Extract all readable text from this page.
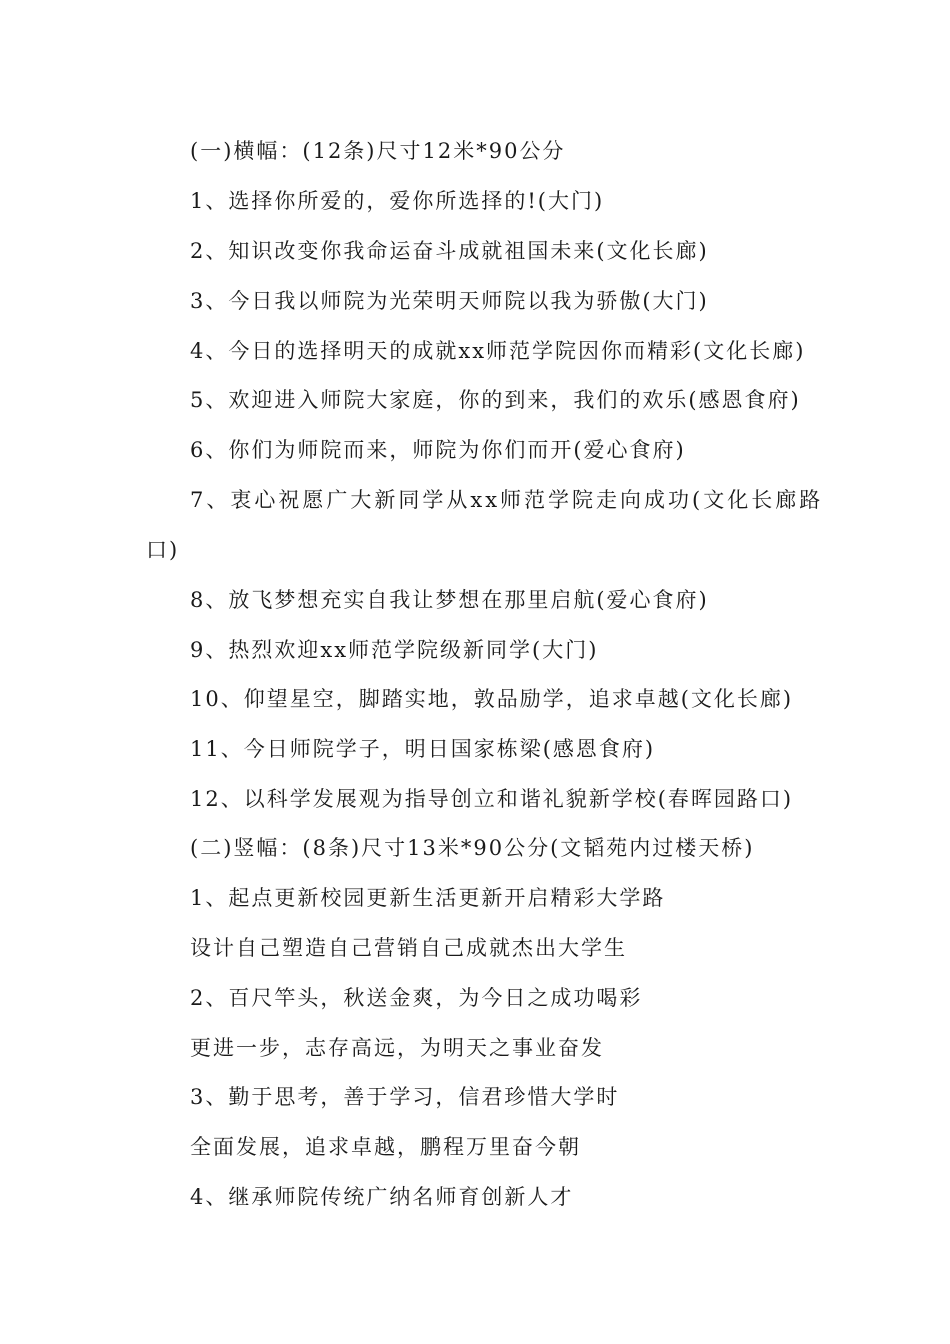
(一)横幅：(12条)尺寸12米*90公分
1、选择你所爱的，爱你所选择的!(大门)
2、知识改变你我命运奋斗成就祖国未来(文化长廊)
3、今日我以师院为光荣明天师院以我为骄傲(大门)
4、今日的选择明天的成就xx师范学院因你而精彩(文化长廊)
5、欢迎进入师院大家庭，你的到来，我们的欢乐(感恩食府)
6、你们为师院而来，师院为你们而开(爱心食府)
7、衷心祝愿广大新同学从xx师范学院走向成功(文化长廊路
口)
8、放飞梦想充实自我让梦想在那里启航(爱心食府)
9、热烈欢迎xx师范学院级新同学(大门)
10、仰望星空，脚踏实地，敦品励学，追求卓越(文化长廊)
11、今日师院学子，明日国家栋梁(感恩食府)
12、以科学发展观为指导创立和谐礼貌新学校(春晖园路口)
(二)竖幅：(8条)尺寸13米*90公分(文韬苑内过楼天桥)
1、起点更新校园更新生活更新开启精彩大学路
设计自己塑造自己营销自己成就杰出大学生
2、百尺竿头，秋送金爽，为今日之成功喝彩
更进一步，志存高远，为明天之事业奋发
3、勤于思考，善于学习，信君珍惜大学时
全面发展，追求卓越，鹏程万里奋今朝
4、继承师院传统广纳名师育创新人才
